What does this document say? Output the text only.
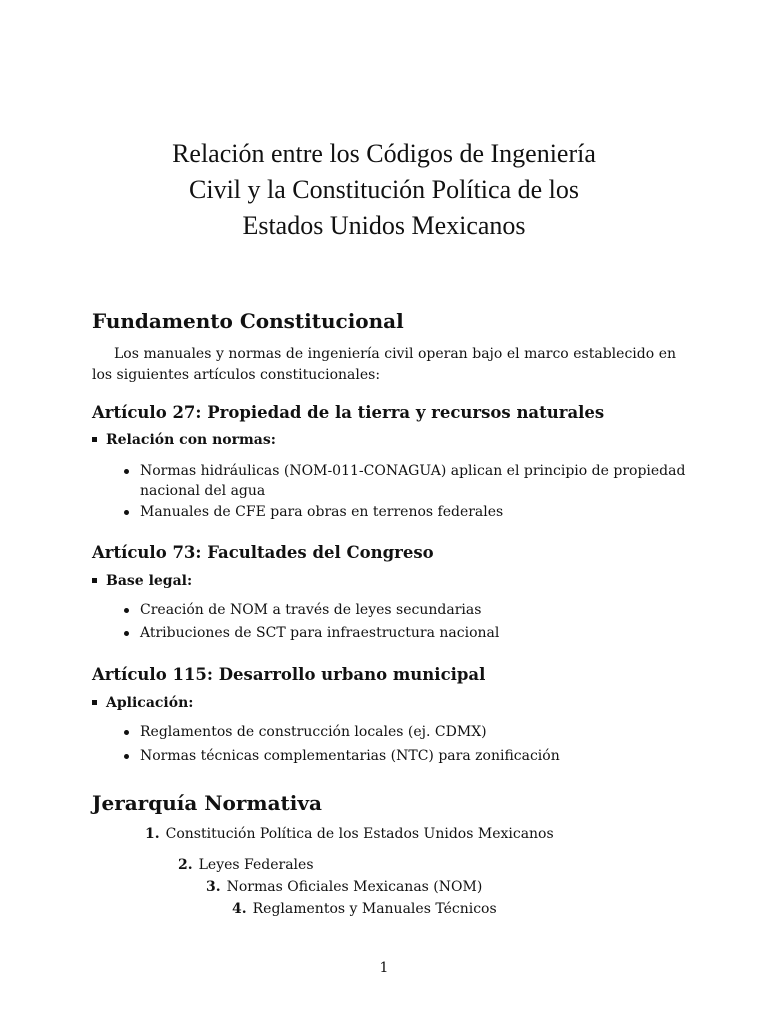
Relación entre los Códigos de Ingeniería
Civil y la Constitución Política de los
Estados Unidos Mexicanos
Fundamento Constitucional

Los manuales y normas de ingeniería civil operan bajo el marco establecido en los siguientes artículos constitucionales:

Artículo 27: Propiedad de la tierra y recursos naturales
Relación con normas:
Normas hidráulicas (NOM-011-CONAGUA) aplican el principio de propiedad nacional del agua
Manuales de CFE para obras en terrenos federales
Artículo 73: Facultades del Congreso
Base legal:
Creación de NOM a través de leyes secundarias
Atribuciones de SCT para infraestructura nacional
Artículo 115: Desarrollo urbano municipal
Aplicación:
Reglamentos de construcción locales (ej. CDMX)
Normas técnicas complementarias (NTC) para zonificación
Jerarquía Normativa
1. Constitución Política de los Estados Unidos Mexicanos
2. Leyes Federales
3. Normas Oficiales Mexicanas (NOM)
4. Reglamentos y Manuales Técnicos
1
